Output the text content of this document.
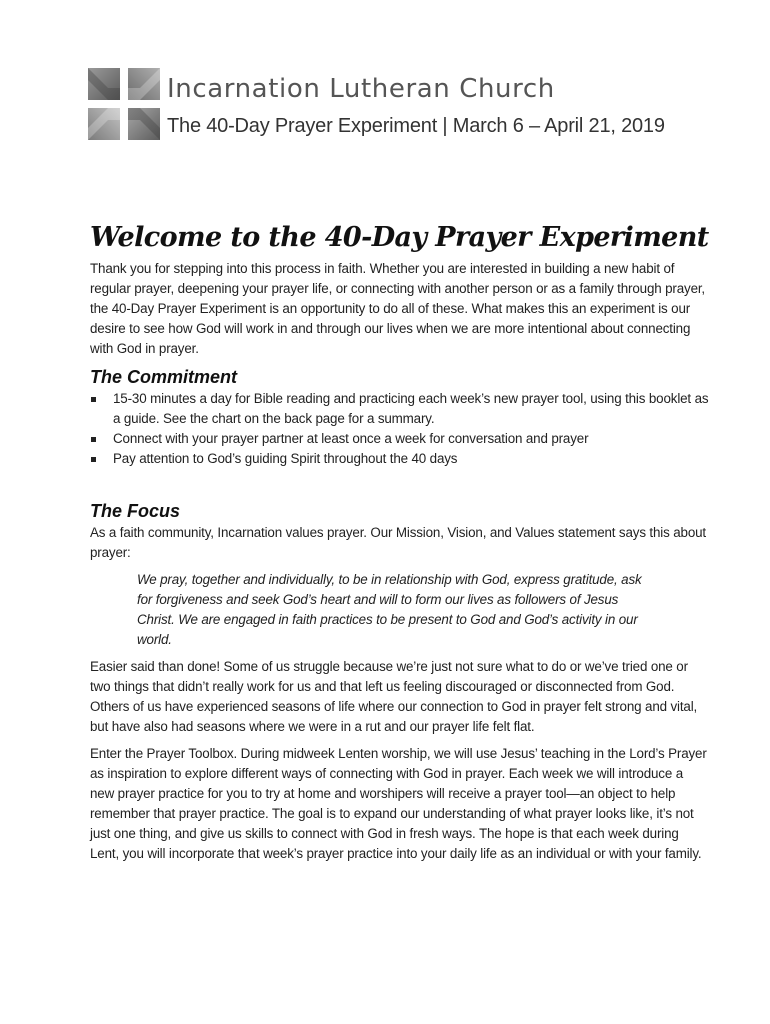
Incarnation Lutheran Church
The 40-Day Prayer Experiment | March 6 – April 21, 2019
Welcome to the 40-Day Prayer Experiment

Thank you for stepping into this process in faith. Whether you are interested in building a new habit of regular prayer, deepening your prayer life, or connecting with another person or as a family through prayer, the 40-Day Prayer Experiment is an opportunity to do all of these. What makes this an experiment is our desire to see how God will work in and through our lives when we are more intentional about connecting with God in prayer.

The Commitment
15-30 minutes a day for Bible reading and practicing each week’s new prayer tool, using this booklet as a guide. See the chart on the back page for a summary.
Connect with your prayer partner at least once a week for conversation and prayer
Pay attention to God’s guiding Spirit throughout the 40 days
The Focus

As a faith community, Incarnation values prayer. Our Mission, Vision, and Values statement says this about prayer:

We pray, together and individually, to be in relationship with God, express gratitude, ask for forgiveness and seek God’s heart and will to form our lives as followers of Jesus Christ. We are engaged in faith practices to be present to God and God’s activity in our world.

Easier said than done! Some of us struggle because we’re just not sure what to do or we’ve tried one or two things that didn’t really work for us and that left us feeling discouraged or disconnected from God. Others of us have experienced seasons of life where our connection to God in prayer felt strong and vital, but have also had seasons where we were in a rut and our prayer life felt flat.

Enter the Prayer Toolbox. During midweek Lenten worship, we will use Jesus’ teaching in the Lord’s Prayer as inspiration to explore different ways of connecting with God in prayer. Each week we will introduce a new prayer practice for you to try at home and worshipers will receive a prayer tool—an object to help remember that prayer practice. The goal is to expand our understanding of what prayer looks like, it’s not just one thing, and give us skills to connect with God in fresh ways. The hope is that each week during Lent, you will incorporate that week’s prayer practice into your daily life as an individual or with your family.
